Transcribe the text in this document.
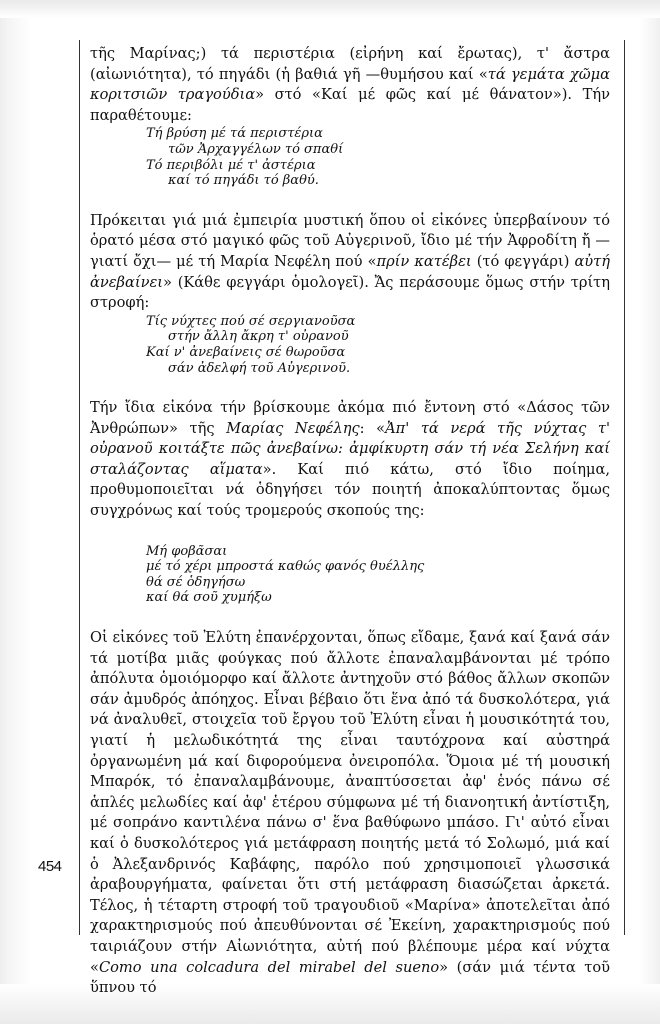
τῆς Μαρίνας;) τά περιστέρια (εἰρήνη καί ἔρωτας), τ' ἄστρα (αἰωνιότητα), τό πηγάδι (ἡ βαθιά γῆ —θυμήσου καί «τά γεμάτα χῶμα κοριτσιῶν τραγούδια» στό «Καί μέ φῶς καί μέ θάνατον»). Τήν παραθέτουμε:

Τή βρύση μέ τά περιστέρια
τῶν Ἀρχαγγέλων τό σπαθί
Τό περιβόλι μέ τ' ἀστέρια
καί τό πηγάδι τό βαθύ.

Πρόκειται γιά μιά ἐμπειρία μυστική ὅπου οἱ εἰκόνες ὑπερβαίνουν τό ὁρατό μέσα στό μαγικό φῶς τοῦ Αὐγερινοῦ, ἴδιο μέ τήν Ἀφροδίτη ἤ —γιατί ὄχι— μέ τή Μαρία Νεφέλη πού «πρίν κατέβει (τό φεγγάρι) αὐτή ἀνεβαίνει» (Κάθε φεγγάρι ὁμολογεῖ). Ἄς περάσουμε ὅμως στήν τρίτη στροφή:

Τίς νύχτες πού σέ σεργιανοῦσα
στήν ἄλλη ἄκρη τ' οὐρανοῦ
Καί ν' ἀνεβαίνεις σέ θωροῦσα
σάν ἀδελφή τοῦ Αὐγερινοῦ.

Τήν ἴδια εἰκόνα τήν βρίσκουμε ἀκόμα πιό ἔντονη στό «Δάσος τῶν Ἀνθρώπων» τῆς Μαρίας Νεφέλης: «Ἀπ' τά νερά τῆς νύχτας τ' οὐρανοῦ κοιτάξτε πῶς ἀνεβαίνω: ἀμφίκυρτη σάν τή νέα Σελήνη καί σταλάζοντας αἵματα». Καί πιό κάτω, στό ἴδιο ποίημα, προθυμοποιεῖται νά ὁδηγήσει τόν ποιητή ἀποκαλύπτοντας ὅμως συγχρόνως καί τούς τρομερούς σκοπούς της:

Μή φοβᾶσαι
μέ τό χέρι μπροστά καθώς φανός θυέλλης
θά σέ ὁδηγήσω
καί θά σοῦ χυμήξω

Οἱ εἰκόνες τοῦ Ἐλύτη ἐπανέρχονται, ὅπως εἴδαμε, ξανά καί ξανά σάν τά μοτίβα μιᾶς φούγκας πού ἄλλοτε ἐπαναλαμβάνονται μέ τρόπο ἀπόλυτα ὁμοιόμορφο καί ἄλλοτε ἀντηχοῦν στό βάθος ἄλλων σκοπῶν σάν ἀμυδρός ἀπόηχος. Εἶναι βέβαιο ὅτι ἕνα ἀπό τά δυσκολότερα, γιά νά ἀναλυθεῖ, στοιχεῖα τοῦ ἔργου τοῦ Ἐλύτη εἶναι ἡ μουσικότητά του, γιατί ἡ μελωδικότητά της εἶναι ταυτόχρονα καί αὐστηρά ὀργανωμένη μά καί διφορούμενα ὀνειροπόλα. Ὅμοια μέ τή μουσική Μπαρόκ, τό ἐπαναλαμβάνουμε, ἀναπτύσσεται ἀφ' ἑνός πάνω σέ ἁπλές μελωδίες καί ἀφ' ἑτέρου σύμφωνα μέ τή διανοητική ἀντίστιξη, μέ σοπράνο καντιλένα πάνω σ' ἕνα βαθύφωνο μπάσο. Γι' αὐτό εἶναι καί ὁ δυσκολότερος γιά μετάφραση ποιητής μετά τό Σολωμό, μιά καί ὁ Ἀλεξανδρινός Καβάφης, παρόλο πού χρησιμοποιεῖ γλωσσικά ἀραβουργήματα, φαίνεται ὅτι στή μετάφραση διασώζεται ἀρκετά. Τέλος, ἡ τέταρτη στροφή τοῦ τραγουδιοῦ «Μαρίνα» ἀποτελεῖται ἀπό χαρακτηρισμούς πού ἀπευθύνονται σέ Ἐκείνη, χαρακτηρισμούς πού ταιριάζουν στήν Αἰωνιότητα, αὐτή πού βλέπουμε μέρα καί νύχτα «Como una colcadura del mirabel del sueno» (σάν μιά τέντα τοῦ ὕπνου τό

454
